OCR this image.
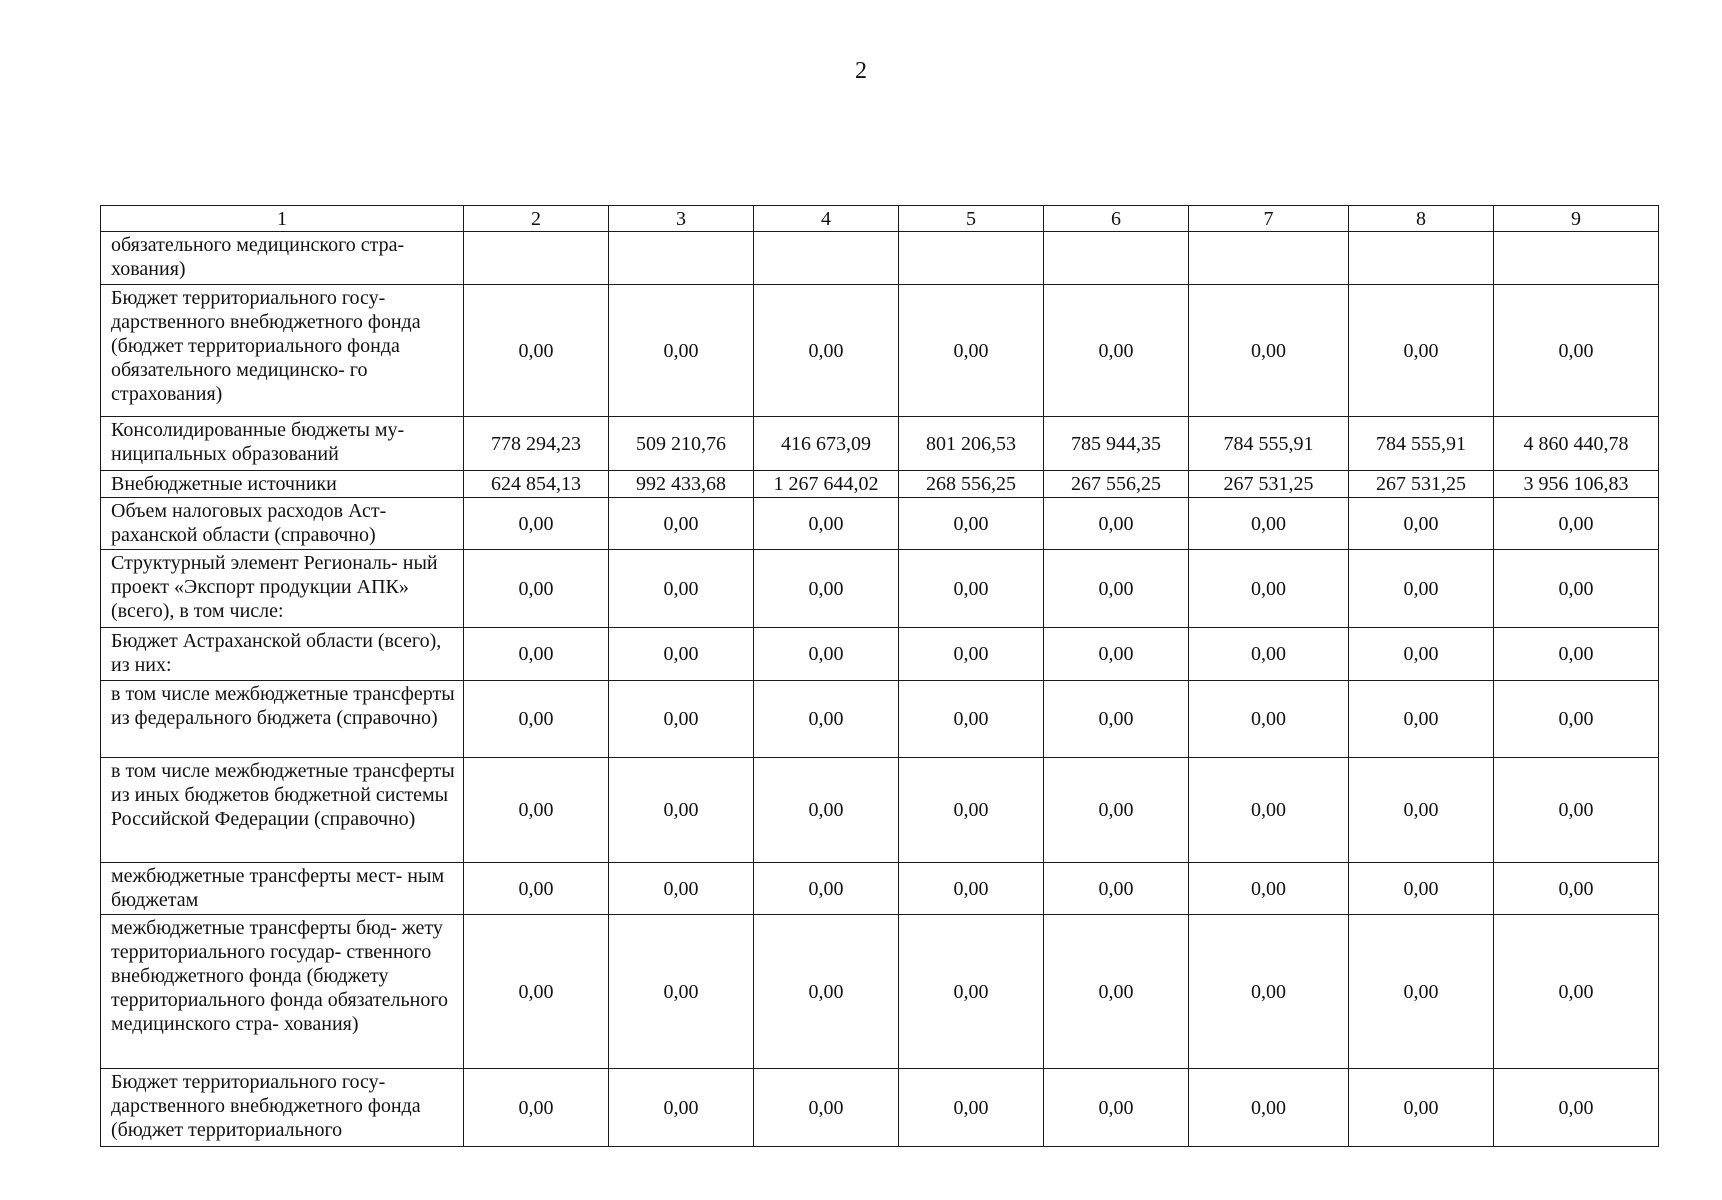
2
1	2	3	4	5	6	7	8	9
обязательного медицинского стра- хования)								
Бюджет территориального госу- дарственного внебюджетного фонда (бюджет территориального фонда обязательного медицинско- го страхования)	0,00	0,00	0,00	0,00	0,00	0,00	0,00	0,00
Консолидированные бюджеты му- ниципальных образований	778 294,23	509 210,76	416 673,09	801 206,53	785 944,35	784 555,91	784 555,91	4 860 440,78
Внебюджетные источники	624 854,13	992 433,68	1 267 644,02	268 556,25	267 556,25	267 531,25	267 531,25	3 956 106,83
Объем налоговых расходов Аст- раханской области (справочно)	0,00	0,00	0,00	0,00	0,00	0,00	0,00	0,00
Структурный элемент Региональ- ный проект «Экспорт продукции АПК» (всего), в том числе:	0,00	0,00	0,00	0,00	0,00	0,00	0,00	0,00
Бюджет Астраханской области (всего), из них:	0,00	0,00	0,00	0,00	0,00	0,00	0,00	0,00
в том числе межбюджетные трансферты из федерального бюджета (справочно)	0,00	0,00	0,00	0,00	0,00	0,00	0,00	0,00
в том числе межбюджетные трансферты из иных бюджетов бюджетной системы Российской Федерации (справочно)	0,00	0,00	0,00	0,00	0,00	0,00	0,00	0,00
межбюджетные трансферты мест- ным бюджетам	0,00	0,00	0,00	0,00	0,00	0,00	0,00	0,00
межбюджетные трансферты бюд- жету территориального государ- ственного внебюджетного фонда (бюджету территориального фонда обязательного медицинского стра- хования)	0,00	0,00	0,00	0,00	0,00	0,00	0,00	0,00
Бюджет территориального госу- дарственного внебюджетного фонда (бюджет территориального	0,00	0,00	0,00	0,00	0,00	0,00	0,00	0,00
